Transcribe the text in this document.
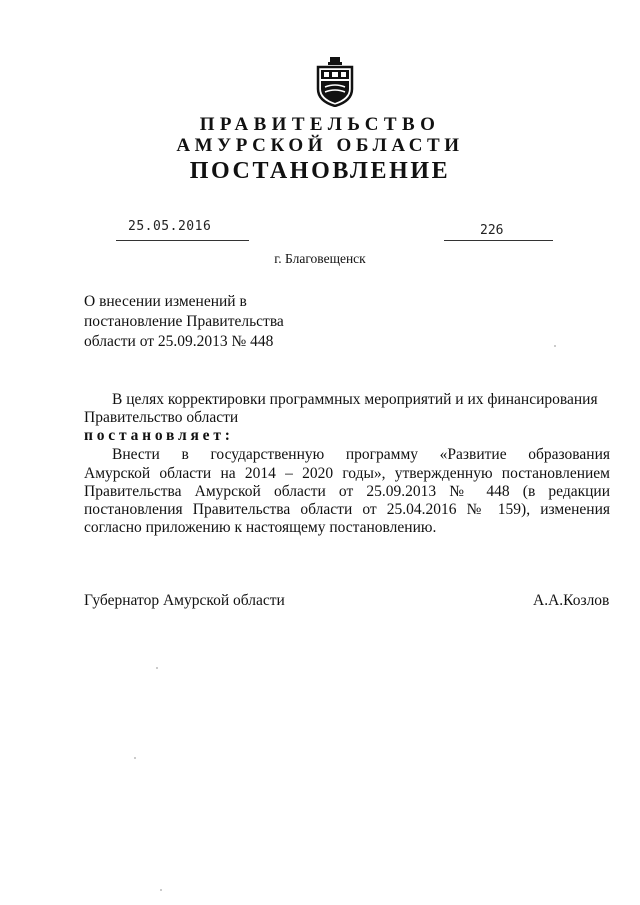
ПРАВИТЕЛЬСТВО
АМУРСКОЙ ОБЛАСТИ
ПОСТАНОВЛЕНИЕ
25.05.2016	226
г. Благовещенск
О внесении изменений в
постановление Правительства
области от 25.09.2013 № 448
В целях корректировки программных мероприятий и их финансирования
Правительство области
постановляет:
Внести в государственную программу «Развитие образования
Амурской области на 2014 – 2020 годы», утвержденную постановлением
Правительства Амурской области от 25.09.2013 № 448 (в редакции
постановления Правительства области от 25.04.2016 № 159), изменения
согласно приложению к настоящему постановлению.
Губернатор Амурской области	А.А.Козлов
